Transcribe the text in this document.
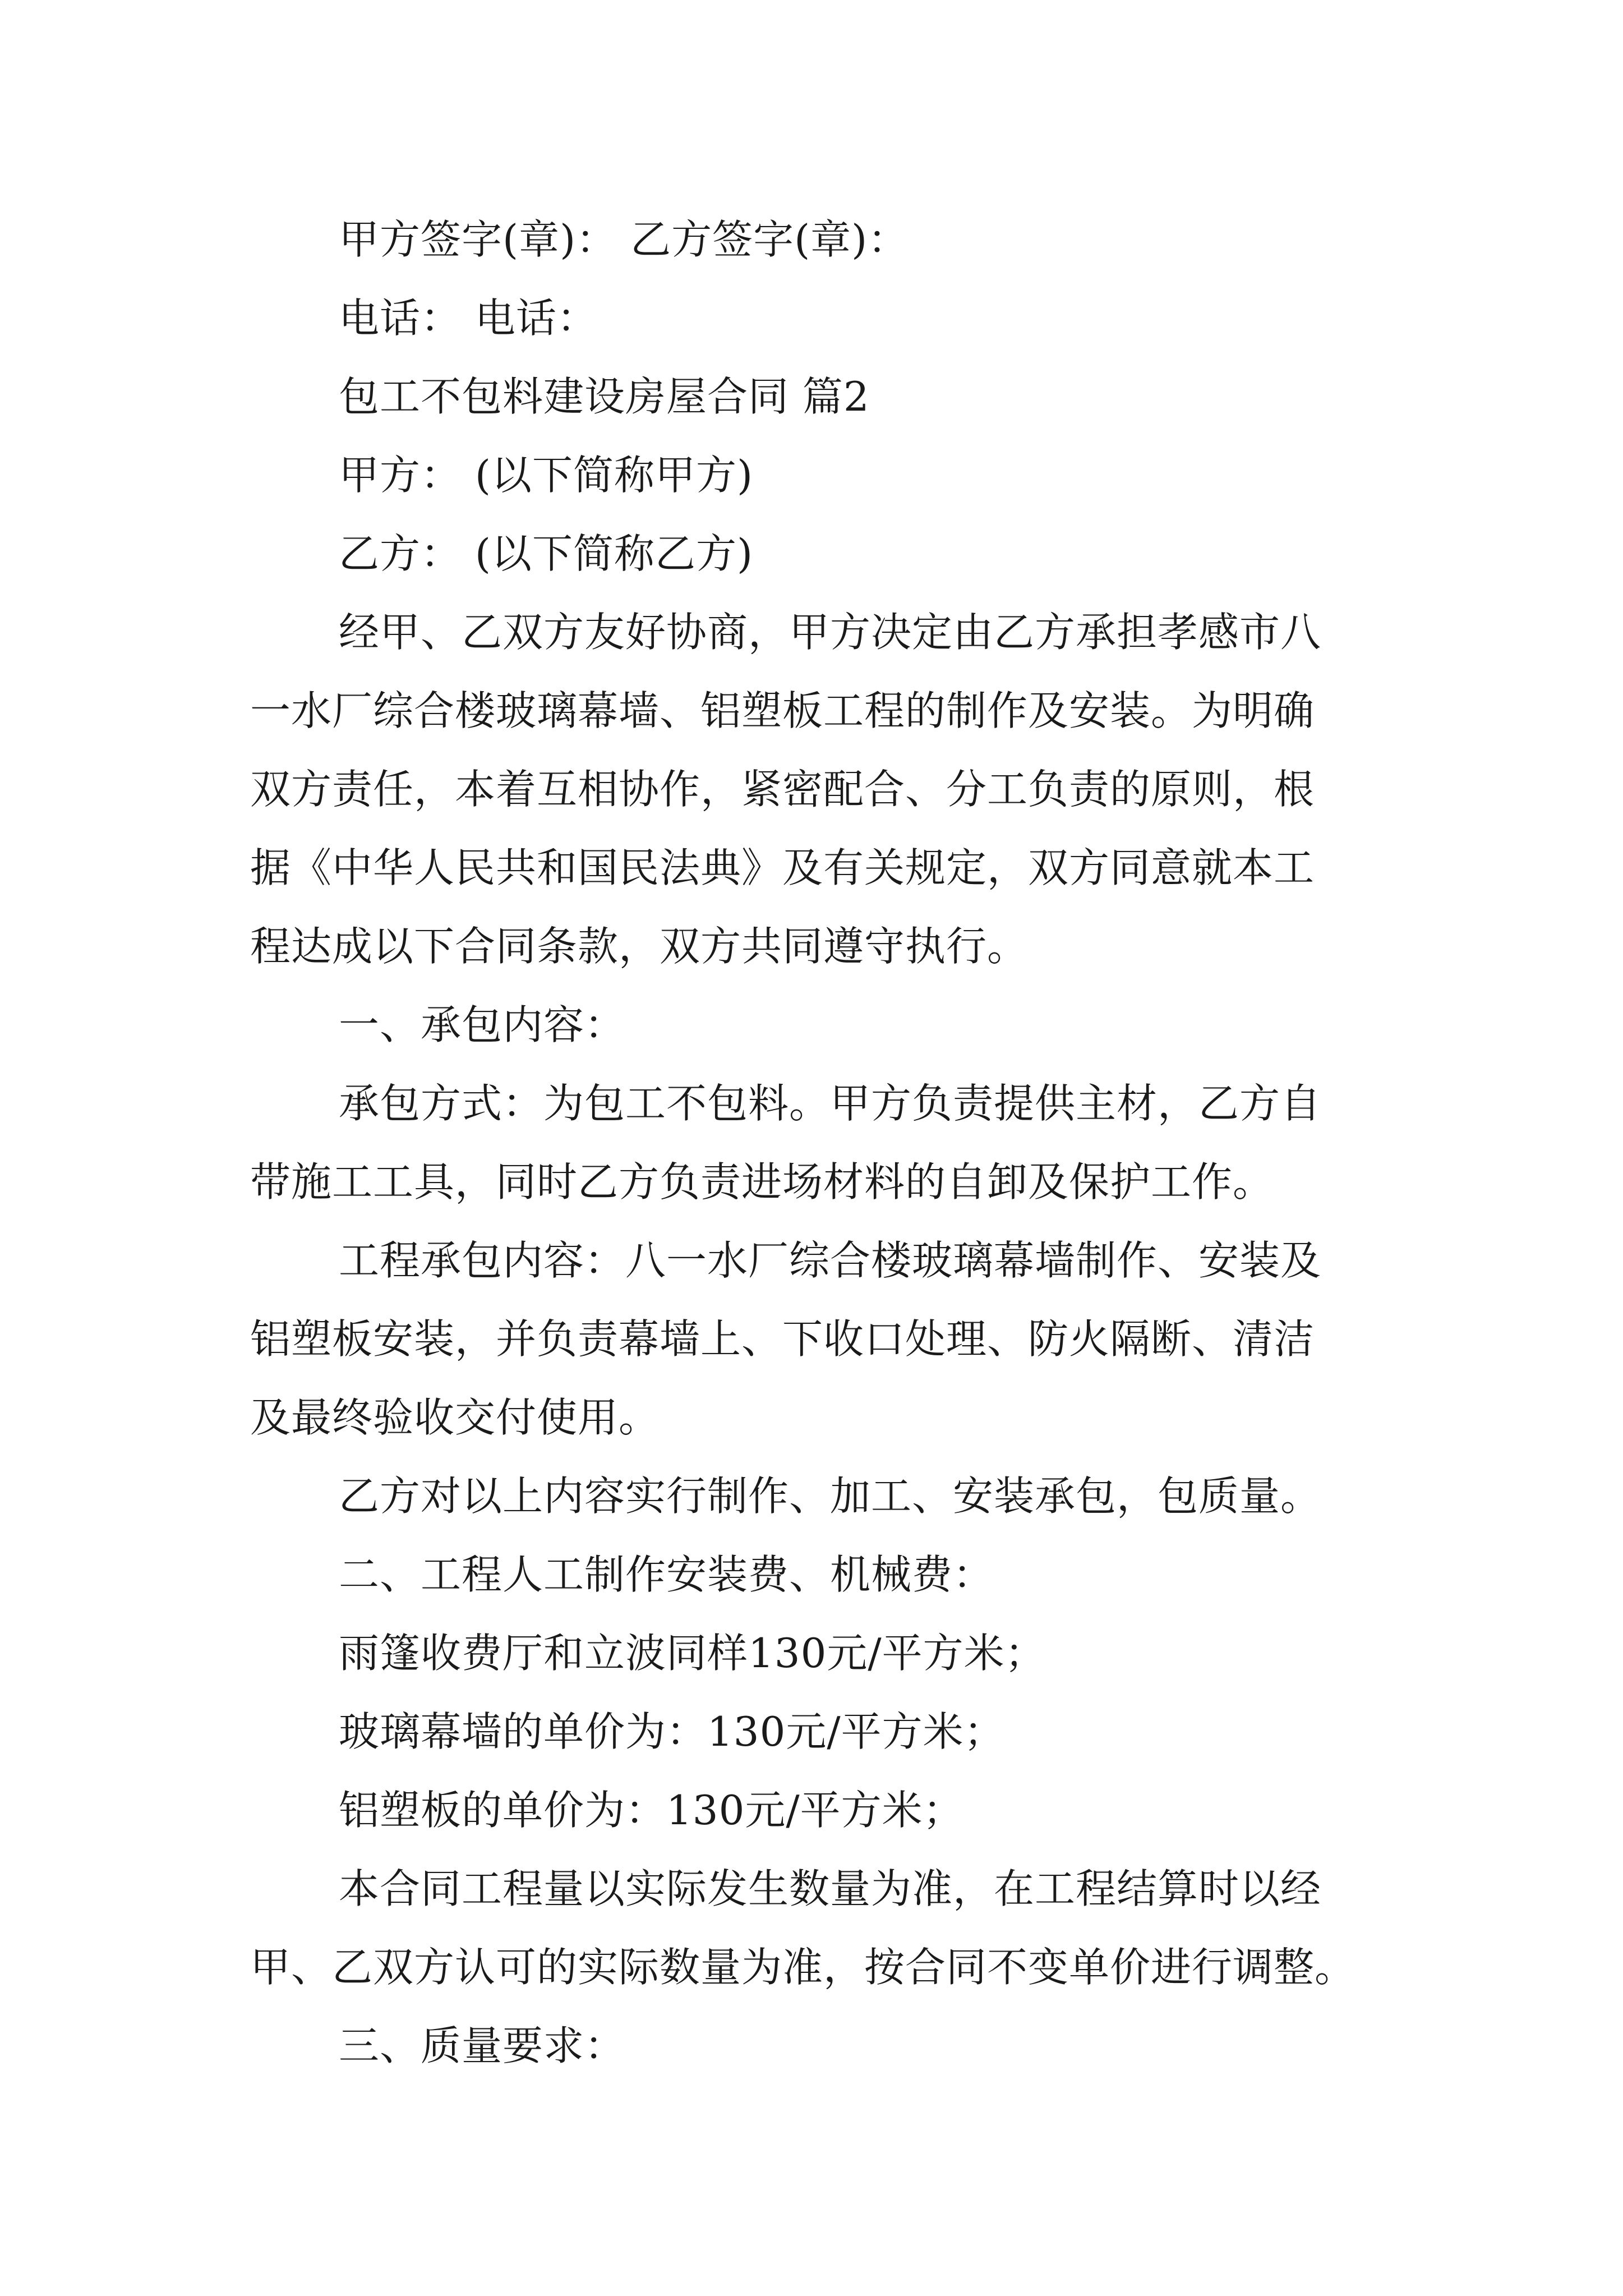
甲方签字(章)： 乙方签字(章)：
电话： 电话：
包工不包料建设房屋合同 篇2
甲方： (以下简称甲方)
乙方： (以下简称乙方)
经甲、乙双方友好协商，甲方决定由乙方承担孝感市八
一水厂综合楼玻璃幕墙、铝塑板工程的制作及安装。为明确
双方责任，本着互相协作，紧密配合、分工负责的原则，根
据《中华人民共和国民法典》及有关规定，双方同意就本工
程达成以下合同条款，双方共同遵守执行。
一、承包内容：
承包方式：为包工不包料。甲方负责提供主材，乙方自
带施工工具，同时乙方负责进场材料的自卸及保护工作。
工程承包内容：八一水厂综合楼玻璃幕墙制作、安装及
铝塑板安装，并负责幕墙上、下收口处理、防火隔断、清洁
及最终验收交付使用。
乙方对以上内容实行制作、加工、安装承包，包质量。
二、工程人工制作安装费、机械费：
雨篷收费厅和立波同样130元/平方米；
玻璃幕墙的单价为：130元/平方米；
铝塑板的单价为：130元/平方米；
本合同工程量以实际发生数量为准，在工程结算时以经
甲、乙双方认可的实际数量为准，按合同不变单价进行调整。
三、质量要求：
